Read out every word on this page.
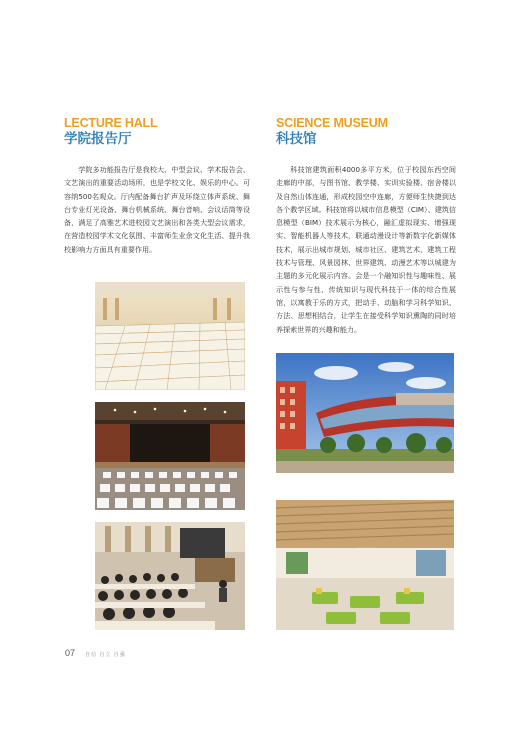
LECTURE HALL
学院报告厅

学院多功能报告厅是我校大、中型会议、学术报告会、文艺演出的重要活动场所，也是学校文化、娱乐的中心。可容纳500名观众。厅内配备舞台扩声及环绕立体声系统、舞台专业灯光设备、舞台机械系统、舞台音响、会议话筒等设备，满足了高雅艺术进校园文艺演出和各类大型会议需求，在营造校园学术文化氛围、丰富师生业余文化生活、提升我校影响力方面具有重要作用。

SCIENCE MUSEUM
科技馆

科技馆建筑面积4000多平方米，位于校园东西空间走廊的中部，与图书馆、教学楼、实训实验楼、宿舍楼以及自然山体连通，形成校园空中连廊，方便师生快捷到达各个教学区域。科技馆将以城市信息模型（CIM）、建筑信息模型（BIM）技术展示为核心，融汇虚拟现实、增强现实、智能机器人等技术，联通动漫设计等新数字化新媒体技术，展示出城市规划、城市社区、建筑艺术、建筑工程技术与管理、风景园林、世界建筑、动漫艺术等以城建为主题的多元化展示内容。会是一个融知识性与趣味性、展示性与参与性、传统知识与现代科技于一体的综合性展馆，以寓教于乐的方式，把动手、动脑和学习科学知识、方法、思想相结合，让学生在接受科学知识熏陶的同时培养探索世界的兴趣和能力。

07 自信 自立 自强
